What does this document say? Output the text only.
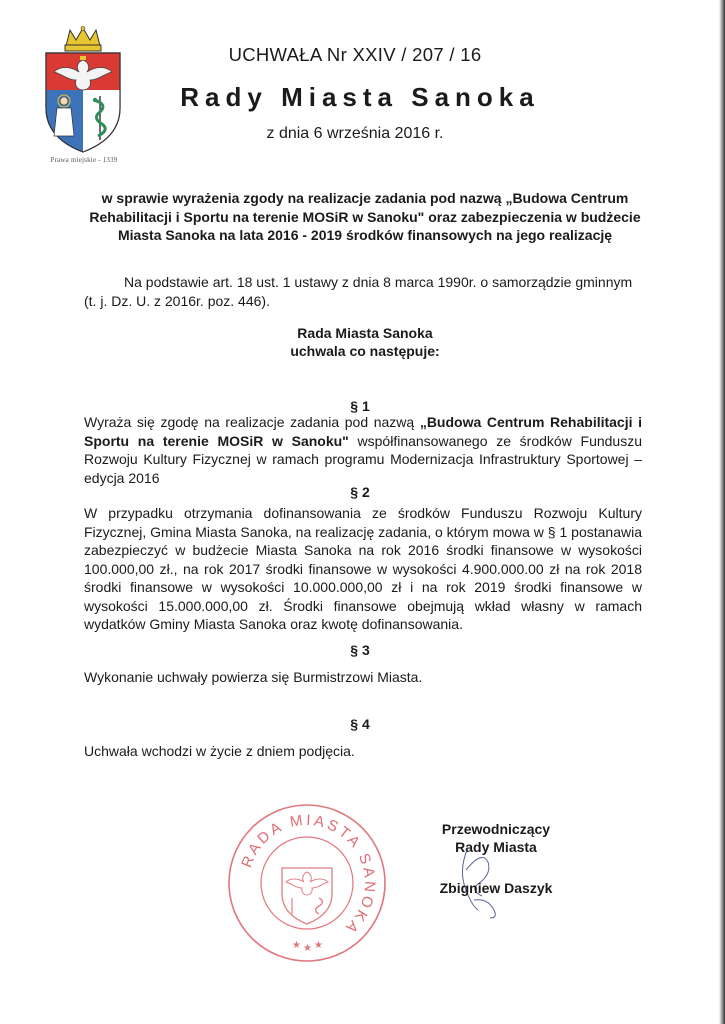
Prawa miejskie - 1339
UCHWAŁA Nr XXIV / 207 / 16
Rady Miasta Sanoka
z dnia 6 września 2016 r.
w sprawie wyrażenia zgody na realizacje zadania pod nazwą „Budowa Centrum Rehabilitacji i Sportu na terenie MOSiR w Sanoku" oraz zabezpieczenia w budżecie Miasta Sanoka na lata 2016 - 2019 środków finansowych na jego realizację
Na podstawie art. 18 ust. 1 ustawy z dnia 8 marca 1990r. o samorządzie gminnym (t. j. Dz. U. z 2016r. poz. 446).
Rada Miasta Sanoka
uchwala co następuje:
§ 1
Wyraża się zgodę na realizacje zadania pod nazwą „Budowa Centrum Rehabilitacji i Sportu na terenie MOSiR w Sanoku" współfinansowanego ze środków Funduszu Rozwoju Kultury Fizycznej w ramach programu Modernizacja Infrastruktury Sportowej – edycja 2016
§ 2
W przypadku otrzymania dofinansowania ze środków Funduszu Rozwoju Kultury Fizycznej, Gmina Miasta Sanoka, na realizację zadania, o którym mowa w § 1 postanawia zabezpieczyć w budżecie Miasta Sanoka na rok 2016 środki finansowe w wysokości 100.000,00 zł., na rok 2017 środki finansowe w wysokości 4.900.000.00 zł na rok 2018 środki finansowe w wysokości 10.000.000,00 zł i na rok 2019 środki finansowe w wysokości 15.000.000,00 zł. Środki finansowe obejmują wkład własny w ramach wydatków Gminy Miasta Sanoka oraz kwotę dofinansowania.
§ 3
Wykonanie uchwały powierza się Burmistrzowi Miasta.
§ 4
Uchwała wchodzi w życie z dniem podjęcia.
RADA MIASTA SANOKA
★ ★ ★
Przewodniczący
Rady Miasta
Zbigniew Daszyk
